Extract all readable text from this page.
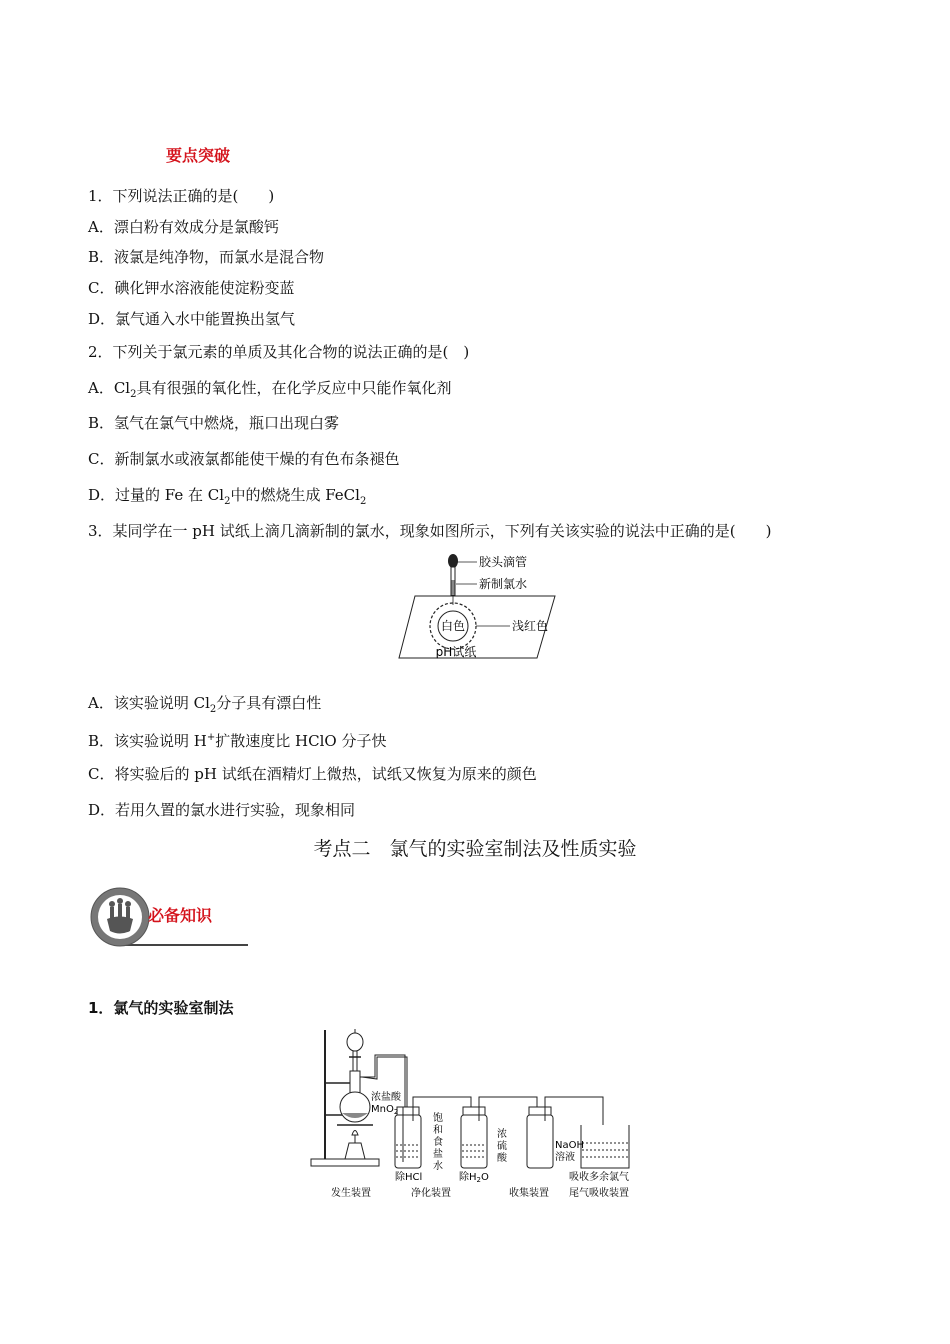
要点突破
1．下列说法正确的是(　　)
A．漂白粉有效成分是氯酸钙
B．液氯是纯净物，而氯水是混合物
C．碘化钾水溶液能使淀粉变蓝
D．氯气通入水中能置换出氢气
2．下列关于氯元素的单质及其化合物的说法正确的是(　)
A．$Cl_2$具有很强的氧化性，在化学反应中只能作氧化剂
B．氢气在氯气中燃烧，瓶口出现白雾
C．新制氯水或液氯都能使干燥的有色布条褪色
D．过量的 Fe 在 $Cl_2$中的燃烧生成 FeCl$_2$
3．某同学在一 pH 试纸上滴几滴新制的氯水，现象如图所示，下列有关该实验的说法中正确的是(　　)
胶头滴管
新制氯水
白色	浅红色
pH试纸
A．该实验说明 $Cl_2$分子具有漂白性
B．该实验说明 H+扩散速度比 HClO 分子快
C．将实验后的 pH 试纸在酒精灯上微热，试纸又恢复为原来的颜色
D．若用久置的氯水进行实验，现象相同
考点二　氯气的实验室制法及性质实验
必备知识
1．氯气的实验室制法
浓盐酸
MnO$_2$
饱
和
食
盐
水
浓
硫
酸
NaOH
溶液
除HCl	除$H_2O$	吸收多余氯气
发生装置	净化装置	收集装置 尾气吸收装置
